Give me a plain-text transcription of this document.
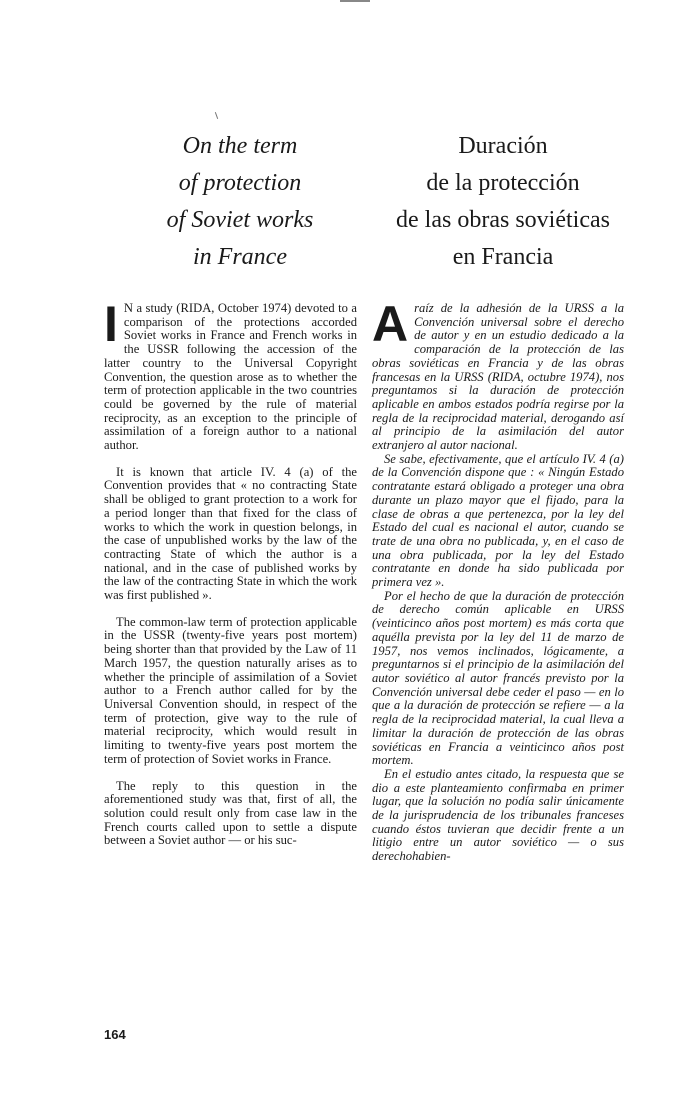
On the term
of protection
of Soviet works
in France
Duración
de la protección
de las obras soviéticas
en Francia

I N a study (RIDA, October 1974) devoted to a comparison of the protections accorded Soviet works in France and French works in the USSR following the accession of the latter country to the Universal Copyright Convention, the question arose as to whether the term of protection applicable in the two countries could be governed by the rule of material reciprocity, as an exception to the principle of assimilation of a foreign author to a national author.

It is known that article IV. 4 (a) of the Convention provides that « no contracting State shall be obliged to grant protection to a work for a period longer than that fixed for the class of works to which the work in question belongs, in the case of unpublished works by the law of the contracting State of which the author is a national, and in the case of published works by the law of the contracting State in which the work was first published ».

The common-law term of protection applicable in the USSR (twenty-five years post mortem) being shorter than that provided by the Law of 11 March 1957, the question naturally arises as to whether the principle of assimilation of a Soviet author to a French author called for by the Universal Convention should, in respect of the term of protection, give way to the rule of material reciprocity, which would result in limiting to twenty-five years post mortem the term of protection of Soviet works in France.

The reply to this question in the aforementioned study was that, first of all, the solution could result only from case law in the French courts called upon to settle a dispute between a Soviet author — or his suc-

Araíz de la adhesión de la URSS a la Convención universal sobre el derecho de autor y en un estudio dedicado a la comparación de la protección de las obras soviéticas en Francia y de las obras francesas en la URSS (RIDA, octubre 1974), nos preguntamos si la duración de protección aplicable en ambos estados podría regirse por la regla de la reciprocidad material, derogando así al principio de la asimilación del autor extranjero al autor nacional.

Se sabe, efectivamente, que el artículo IV. 4 (a) de la Convención dispone que : « Ningún Estado contratante estará obligado a proteger una obra durante un plazo mayor que el fijado, para la clase de obras a que pertenezca, por la ley del Estado del cual es nacional el autor, cuando se trate de una obra no publicada, y, en el caso de una obra publicada, por la ley del Estado contratante en donde ha sido publicada por primera vez ».

Por el hecho de que la duración de protección de derecho común aplicable en URSS (veinticinco años post mortem) es más corta que aquélla prevista por la ley del 11 de marzo de 1957, nos vemos inclinados, lógicamente, a preguntarnos si el principio de la asimilación del autor soviético al autor francés previsto por la Convención universal debe ceder el paso — en lo que a la duración de protección se refiere — a la regla de la reciprocidad material, la cual lleva a limitar la duración de protección de las obras soviéticas en Francia a veinticinco años post mortem.

En el estudio antes citado, la respuesta que se dio a este planteamiento confirmaba en primer lugar, que la solución no podía salir únicamente de la jurisprudencia de los tribunales franceses cuando éstos tuvieran que decidir frente a un litigio entre un autor soviético — o sus derechohabien-

164
